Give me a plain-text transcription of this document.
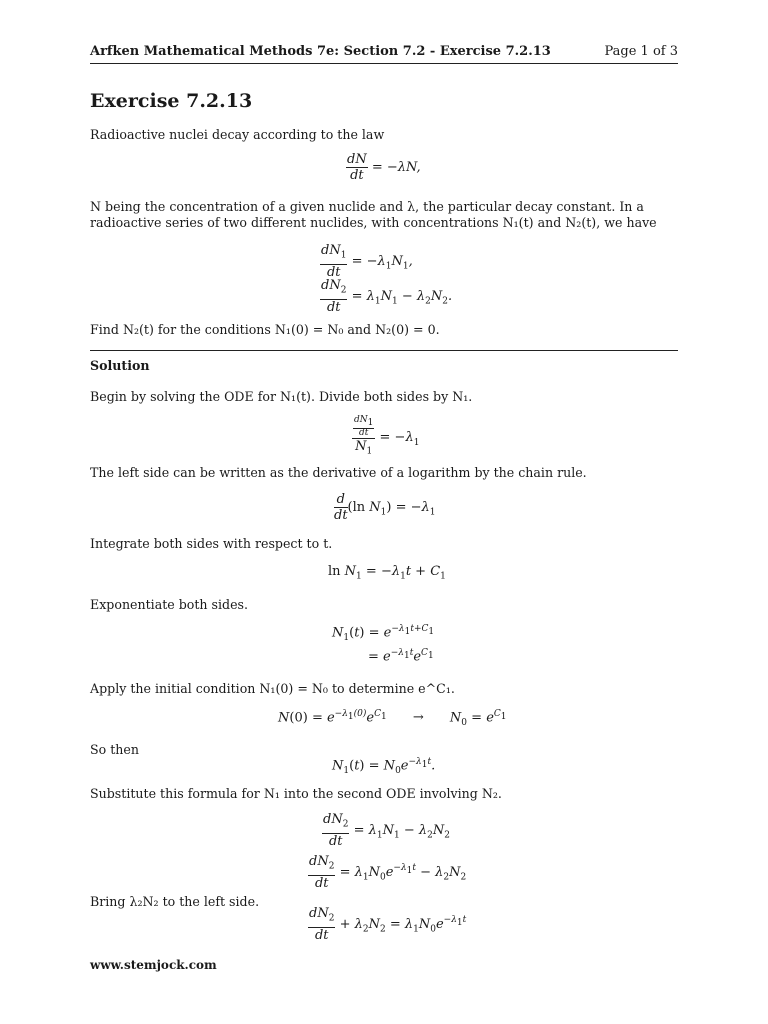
Arfken Mathematical Methods 7e: Section 7.2 - Exercise 7.2.13	Page 1 of 3
Exercise 7.2.13
Radioactive nuclei decay according to the law
$\frac{dN}{dt} = -\lambda N$,
N being the concentration of a given nuclide and λ, the particular decay constant. In a
radioactive series of two different nuclides, with concentrations N₁(t) and N₂(t), we have
$\frac{dN_1}{dt} = -\lambda_1N_1$,
$\frac{dN_2}{dt} = \lambda_1N_1 - \lambda_2N_2$.
Find N₂(t) for the conditions N₁(0) = N₀ and N₂(0) = 0.
Solution
Begin by solving the ODE for N₁(t). Divide both sides by N₁.
$\frac{\frac{dN_1}{dt}}{N_1} = -\lambda_1$
The left side can be written as the derivative of a logarithm by the chain rule.
$\frac{d}{dt} (\ln$ $N_1) = -\lambda_1$
Integrate both sides with respect to t.
$\ln N_1 = -\lambda_1t + C_1$
Exponentiate both sides.
$N_1(t) = e^{-\lambda_1t+C_1}$
= $e^{-\lambda_1t}e^{C_1}$
Apply the initial condition N₁(0) = N₀ to determine e^C₁.
$N(0) = e^{-\lambda_1(0)}e^{C_1} \to N_0 = e^{C_1}$
So then
$N_1(t) = N_0e^{-\lambda_1t}$.
Substitute this formula for N₁ into the second ODE involving N₂.
$\frac{dN_2}{dt} = \lambda_1N_1 - \lambda_2N_2$
$\frac{dN_2}{dt} = \lambda_1N_0e^{-\lambda_1t} - \lambda_2N_2$
Bring λ₂N₂ to the left side.
$\frac{dN_2}{dt} + \lambda_2N_2 = \lambda_1N_0e^{-\lambda_1t}$
www.stemjock.com
